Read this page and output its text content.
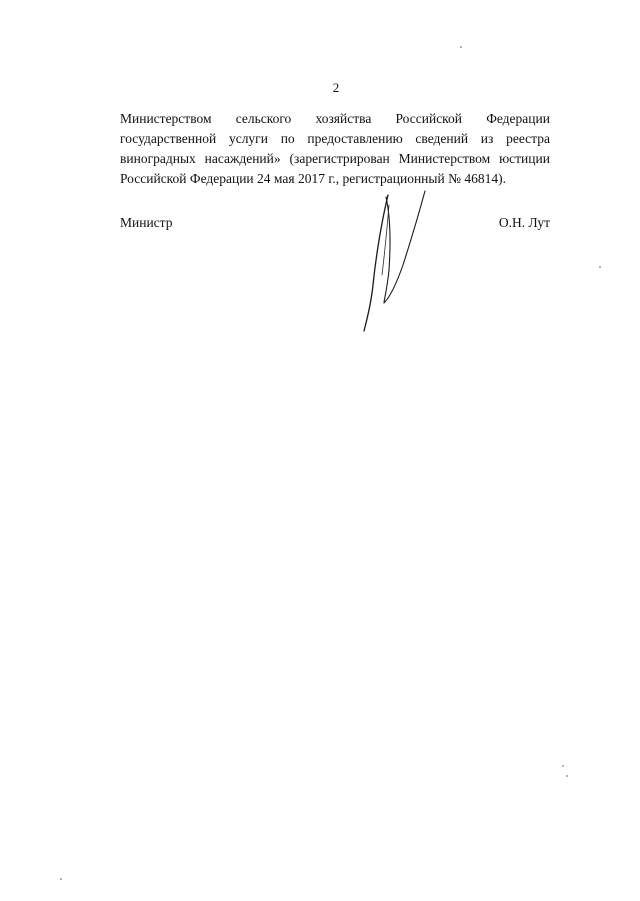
2
Министерством сельского хозяйства Российской Федерации
государственной услуги по предоставлению сведений из реестра
виноградных насаждений» (зарегистрирован Министерством юстиции
Российской Федерации 24 мая 2017 г., регистрационный № 46814).
Министр	О.Н. Лут
